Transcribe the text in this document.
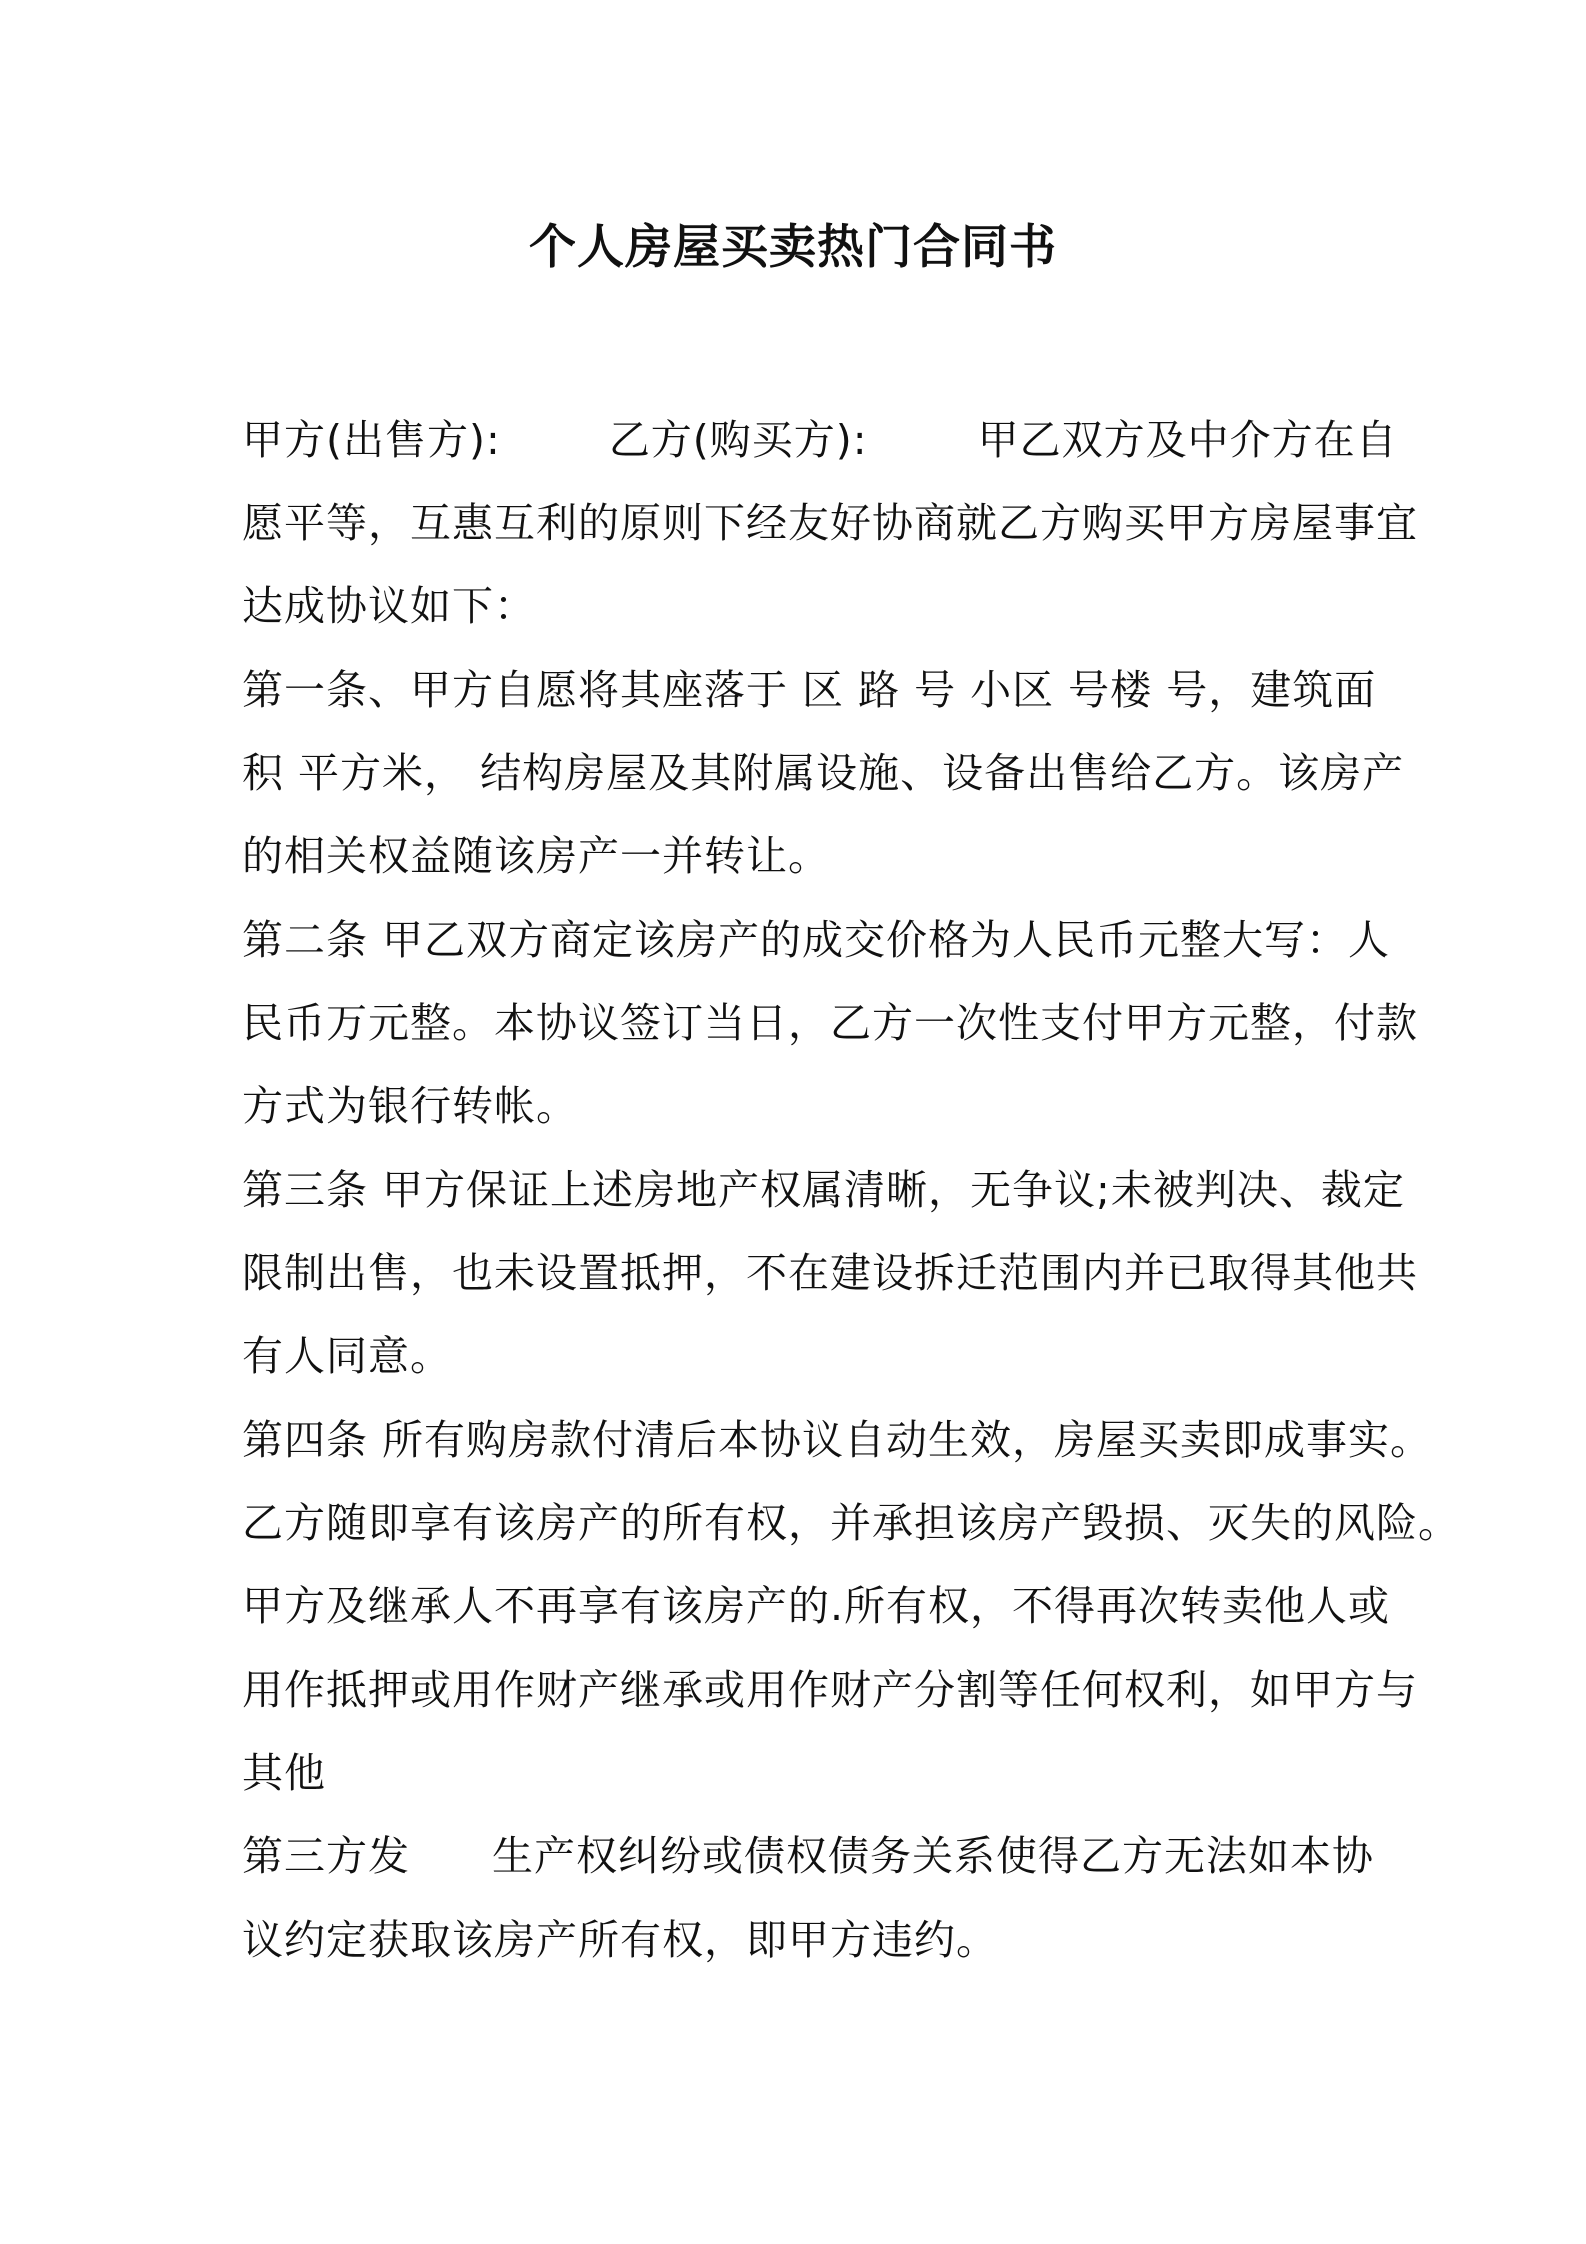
个人房屋买卖热门合同书
甲方(出售方):	乙方(购买方):	甲乙双方及中介方在自
愿平等，互惠互利的原则下经友好协商就乙方购买甲方房屋事宜
达成协议如下：
第一条、甲方自愿将其座落于 区 路 号 小区 号楼 号，建筑面
积 平方米， 结构房屋及其附属设施、设备出售给乙方。该房产
的相关权益随该房产一并转让。
第二条 甲乙双方商定该房产的成交价格为人民币元整大写：人
民币万元整。本协议签订当日，乙方一次性支付甲方元整，付款
方式为银行转帐。
第三条 甲方保证上述房地产权属清晰，无争议;未被判决、裁定
限制出售，也未设置抵押，不在建设拆迁范围内并已取得其他共
有人同意。
第四条 所有购房款付清后本协议自动生效，房屋买卖即成事实。
乙方随即享有该房产的所有权，并承担该房产毁损、灭失的风险。
甲方及继承人不再享有该房产的.所有权，不得再次转卖他人或
用作抵押或用作财产继承或用作财产分割等任何权利，如甲方与
其他
第三方发 生产权纠纷或债权债务关系使得乙方无法如本协
议约定获取该房产所有权，即甲方违约。
